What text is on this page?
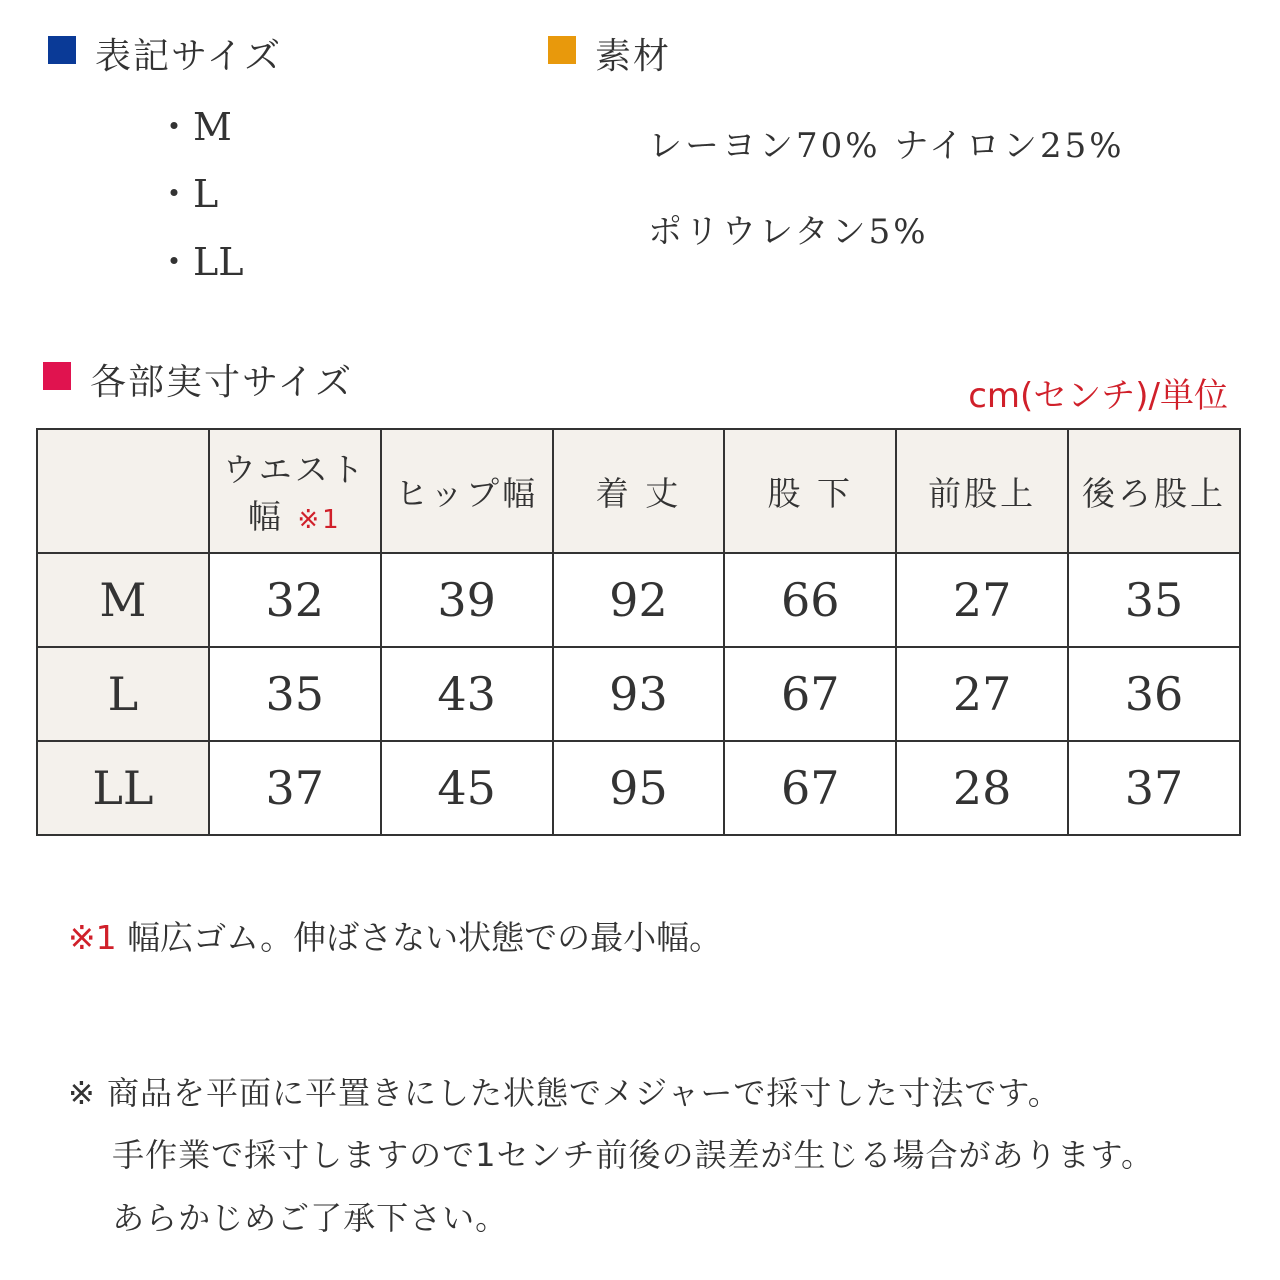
表記サイズ
・M
・L
・LL
素材
レーヨン70% ナイロン25%
ポリウレタン5%
各部実寸サイズ	cm(センチ)/単位
	ウエスト幅 ※1	ヒップ幅	着 丈	股 下	前股上	後ろ股上
M	32	39	92	66	27	35
L	35	43	93	67	27	36
LL	37	45	95	67	28	37
※1 幅広ゴム。伸ばさない状態での最小幅。
※ 商品を平面に平置きにした状態でメジャーで採寸した寸法です。
　 手作業で採寸しますので1センチ前後の誤差が生じる場合があります。
　 あらかじめご了承下さい。
